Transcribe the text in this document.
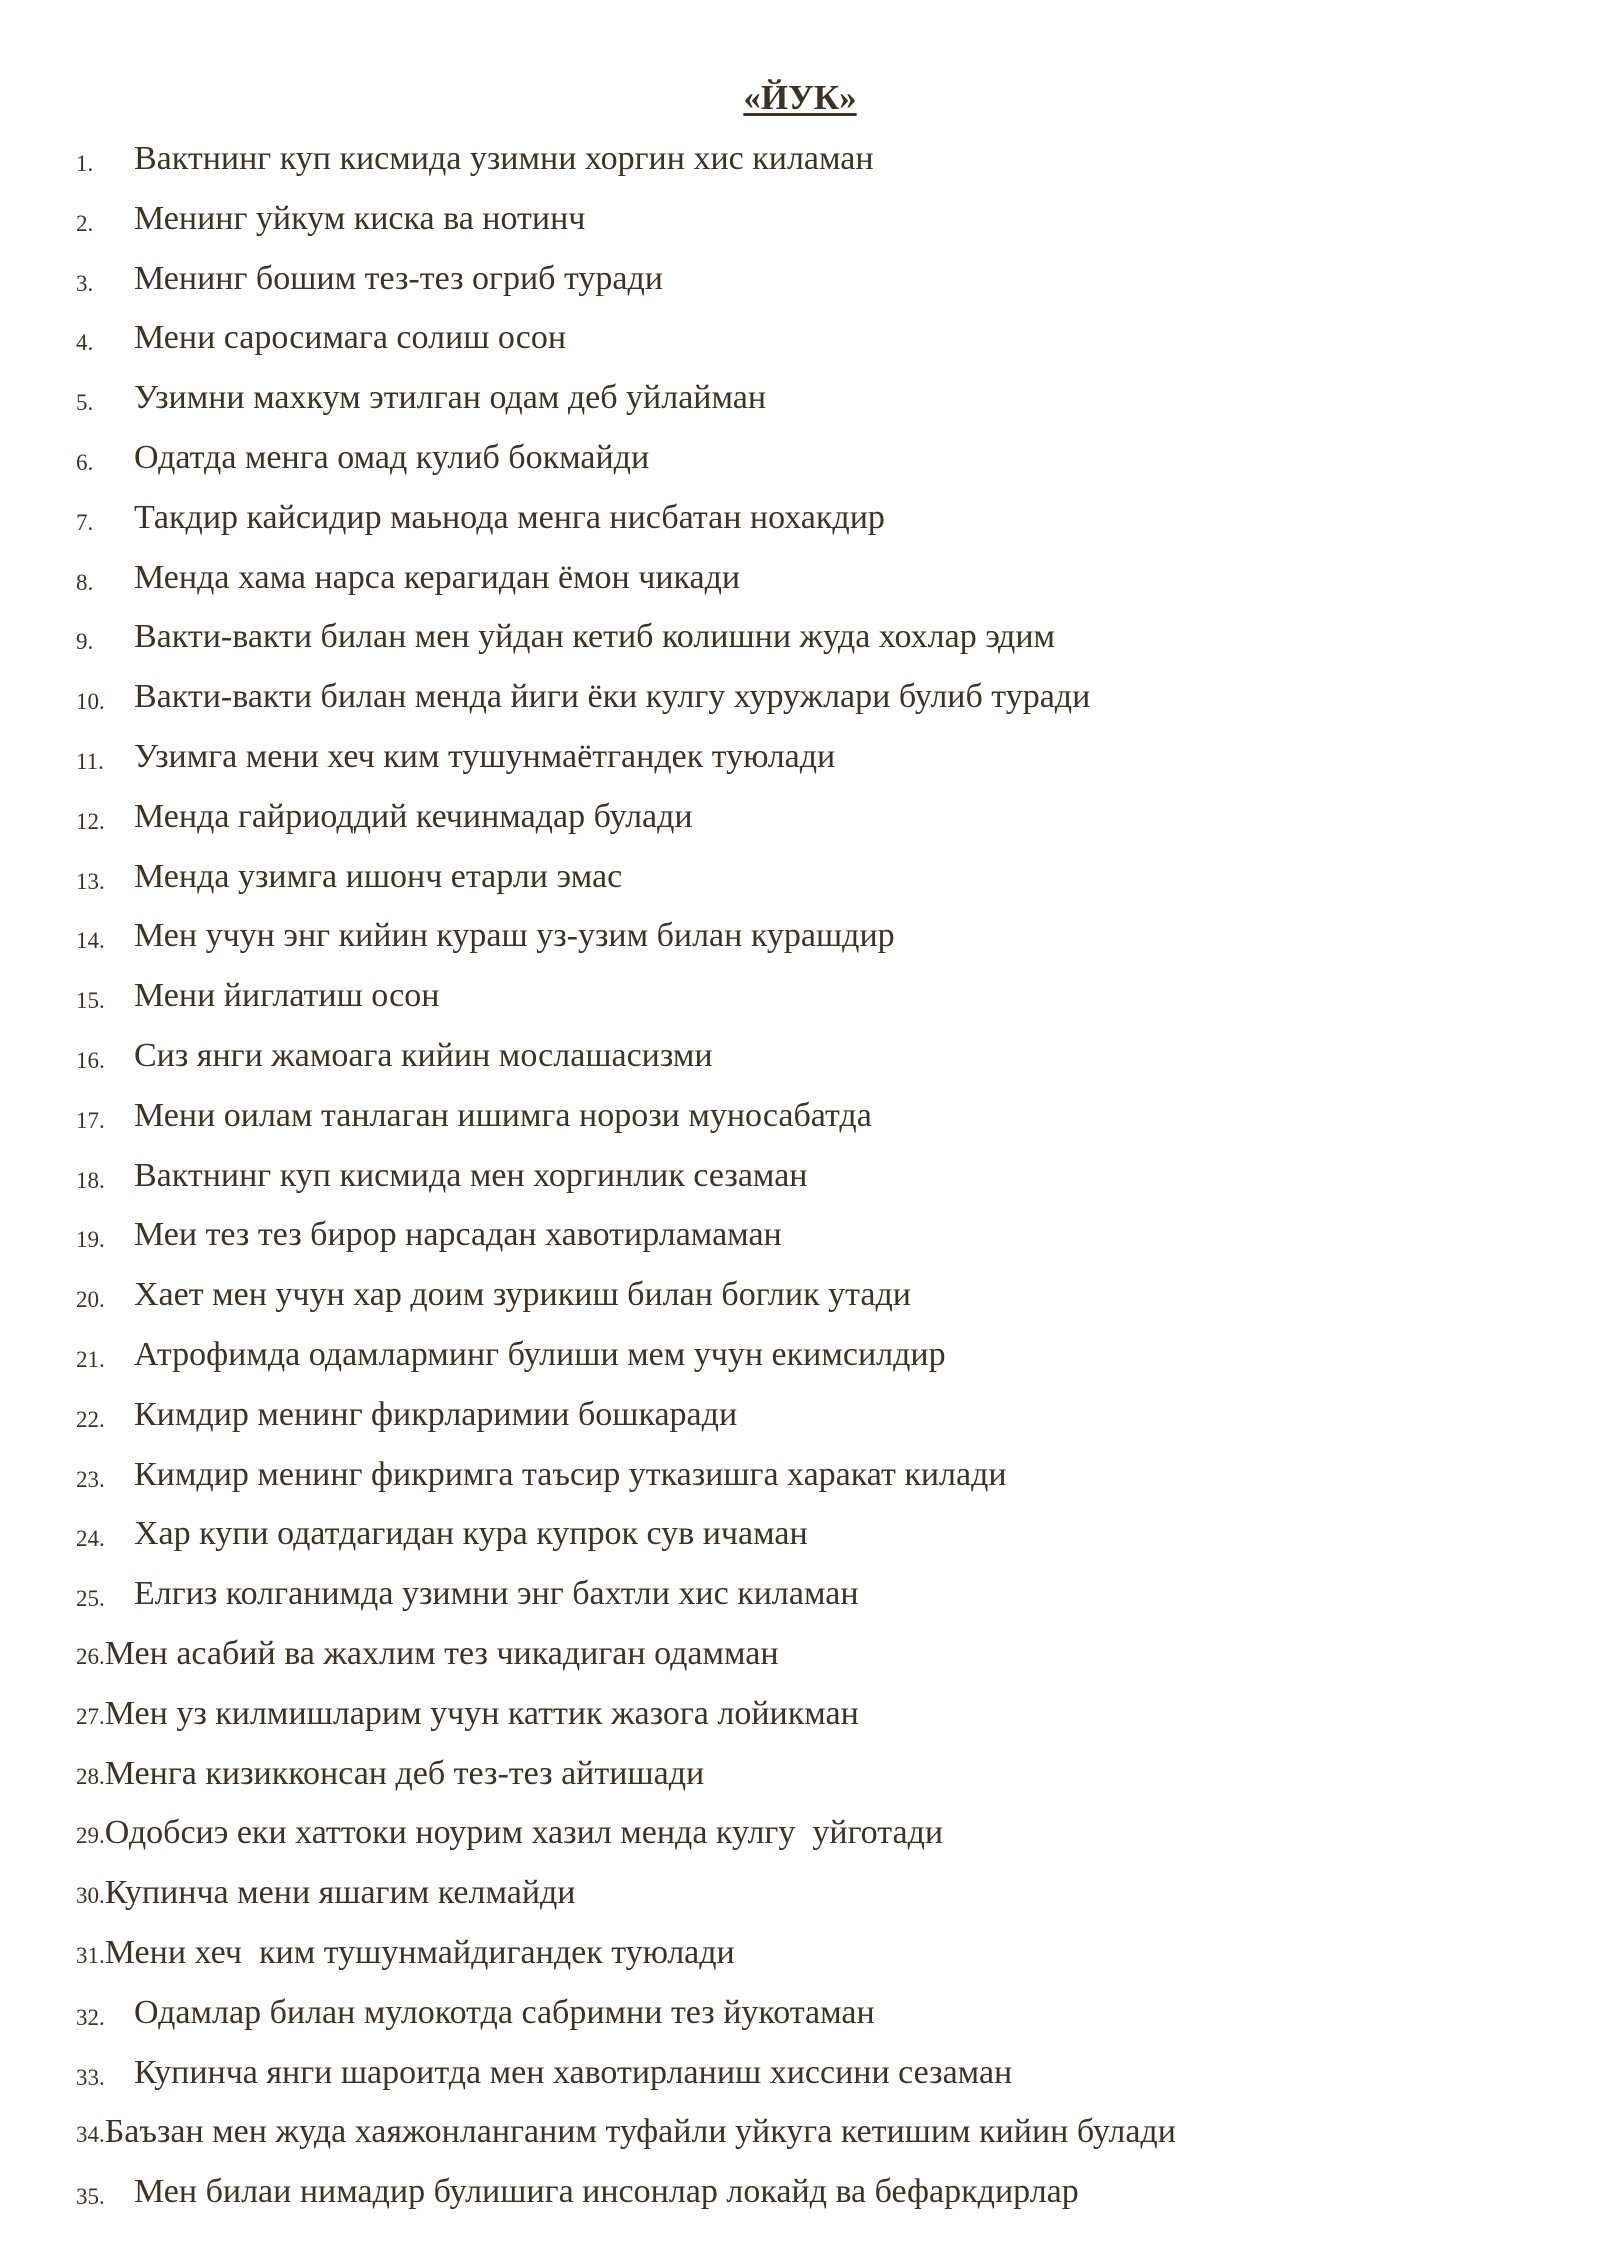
«ЙУК»
1. Вактнинг куп кисмида узимни хоргин хис киламан
2. Менинг уйкум киска ва нотинч
3. Менинг бошим тез-тез огриб туради
4. Мени саросимага солиш осон
5. Узимни махкум этилган одам деб уйлайман
6. Одатда менга омад кулиб бокмайди
7. Такдир кайсидир маьнода менга нисбатан нохакдир
8. Менда хама нарса керагидан ёмон чикади
9. Вакти-вакти билан мен уйдан кетиб колишни жуда хохлар эдим
10. Вакти-вакти билан менда йиги ёки кулгу хуружлари булиб туради
11. Узимга мени хеч ким тушунмаётгандек туюлади
12. Менда гайриоддий кечинмадар булади
13. Менда узимга ишонч етарли эмас
14. Мен учун энг кийин кураш уз-узим билан курашдир
15. Мени йиглатиш осон
16. Сиз янги жамоага кийин мослашасизми
17. Мени оилам танлаган ишимга норози муносабатда
18. Вактнинг куп кисмида мен хоргинлик сезаман
19. Меи тез тез бирор нарсадан хавотирламаман
20. Хает мен учун хар доим зурикиш билан боглик утади
21. Атрофимда одамларминг булиши мем учун екимсилдир
22. Кимдир менинг фикрларимии бошкаради
23. Кимдир менинг фикримга таъсир утказишга харакат килади
24. Хар купи одатдагидан кура купрок сув ичаман
25. Елгиз колганимда узимни энг бахтли хис киламан
26.Мен асабий ва жахлим тез чикадиган одамман
27.Мен уз килмишларим учун каттик жазога лойикман
28.Менга кизикконсан деб тез-тез айтишади
29.Одобсиэ еки хаттоки ноурим хазил менда кулгу  уйготади
30.Купинча мени яшагим келмайди
31.Мени хеч  ким тушунмайдигандек туюлади
32. Одамлар билан мулокотда сабримни тез йукотаман
33. Купинча янги шароитда мен хавотирланиш хиссини сезаман
34.Баъзан мен жуда хаяжонланганим туфайли уйкуга кетишим кийин булади
35. Мен билаи нимадир булишига инсонлар локайд ва бефаркдирлар
